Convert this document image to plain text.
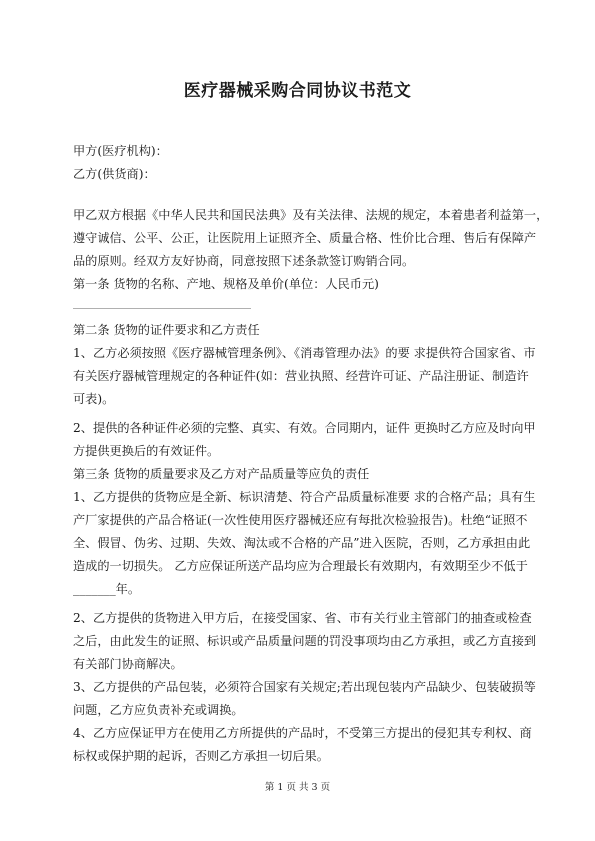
医疗器械采购合同协议书范文

甲方(医疗机构)：

乙方(供货商)：

甲乙双方根据《中华人民共和国民法典》及有关法律、法规的规定，本着患者利益第一，

遵守诚信、公平、公正，让医院用上证照齐全、质量合格、性价比合理、售后有保障产

品的原则。经双方友好协商，同意按照下述条款签订购销合同。

第一条 货物的名称、产地、规格及单价(单位：人民币元)

第二条 货物的证件要求和乙方责任

1、乙方必须按照《医疗器械管理条例》、《消毒管理办法》的要 求提供符合国家省、市

有关医疗器械管理规定的各种证件(如：营业执照、经营许可证、产品注册证、制造许

可表)。

2、提供的各种证件必须的完整、真实、有效。合同期内，证件 更换时乙方应及时向甲

方提供更换后的有效证件。

第三条 货物的质量要求及乙方对产品质量等应负的责任

1、乙方提供的货物应是全新、标识清楚、符合产品质量标准要 求的合格产品；具有生

产厂家提供的产品合格证(一次性使用医疗器械还应有每批次检验报告)。杜绝“证照不

全、假冒、伪劣、过期、失效、淘汰或不合格的产品”进入医院，否则，乙方承担由此

造成的一切损失。 乙方应保证所送产品均应为合理最长有效期内，有效期至少不低于

_______年。

2、乙方提供的货物进入甲方后，在接受国家、省、市有关行业主管部门的抽查或检查

之后，由此发生的证照、标识或产品质量问题的罚没事项均由乙方承担，或乙方直接到

有关部门协商解决。

3、乙方提供的产品包装，必须符合国家有关规定;若出现包装内产品缺少、包装破损等

问题，乙方应负责补充或调换。

4、乙方应保证甲方在使用乙方所提供的产品时，不受第三方提出的侵犯其专利权、商

标权或保护期的起诉，否则乙方承担一切后果。

第 1 页 共 3 页
